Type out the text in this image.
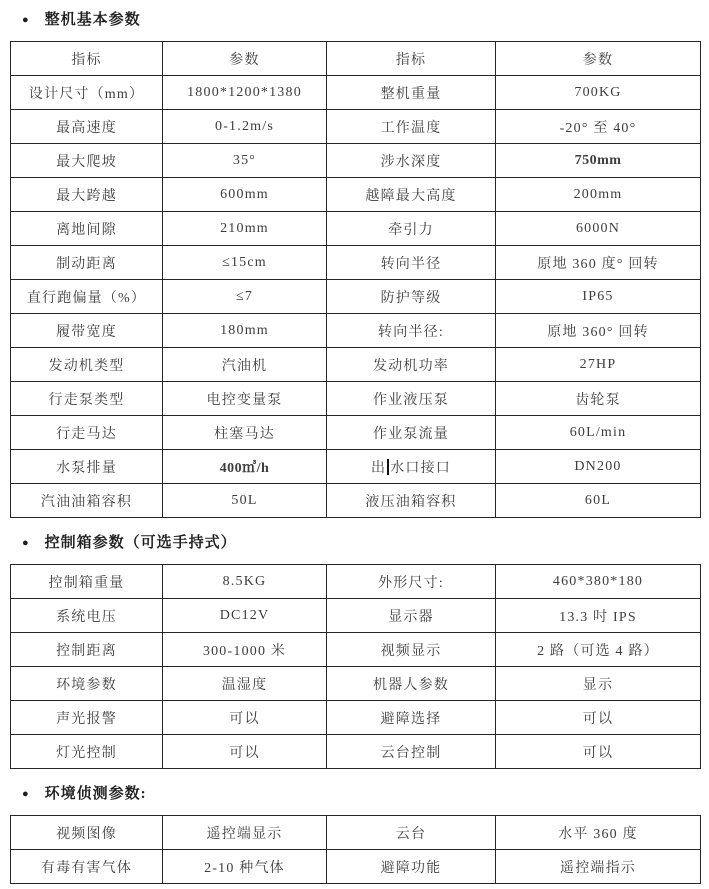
● 整机基本参数
指标	参数	指标	参数
设计尺寸（mm）	1800*1200*1380	整机重量	700KG
最高速度	0-1.2m/s	工作温度	-20° 至 40°
最大爬坡	35°	涉水深度	750mm
最大跨越	600mm	越障最大高度	200mm
离地间隙	210mm	牵引力	6000N
制动距离	≤15cm	转向半径	原地 360 度° 回转
直行跑偏量（%）	≤7	防护等级	IP65
履带宽度	180mm	转向半径:	原地 360° 回转
发动机类型	汽油机	发动机功率	27HP
行走泵类型	电控变量泵	作业液压泵	齿轮泵
行走马达	柱塞马达	作业泵流量	60L/min
水泵排量	400㎥/h	出 水口接口	DN200
汽油油箱容积	50L	液压油箱容积	60L
● 控制箱参数（可选手持式）
控制箱重量	8.5KG	外形尺寸:	460*380*180
系统电压	DC12V	显示器	13.3 吋 IPS
控制距离	300-1000 米	视频显示	2 路（可选 4 路）
环境参数	温湿度	机器人参数	显示
声光报警	可以	避障选择	可以
灯光控制	可以	云台控制	可以
● 环境侦测参数:
视频图像	遥控端显示	云台	水平 360 度
有毒有害气体	2-10 种气体	避障功能	遥控端指示
